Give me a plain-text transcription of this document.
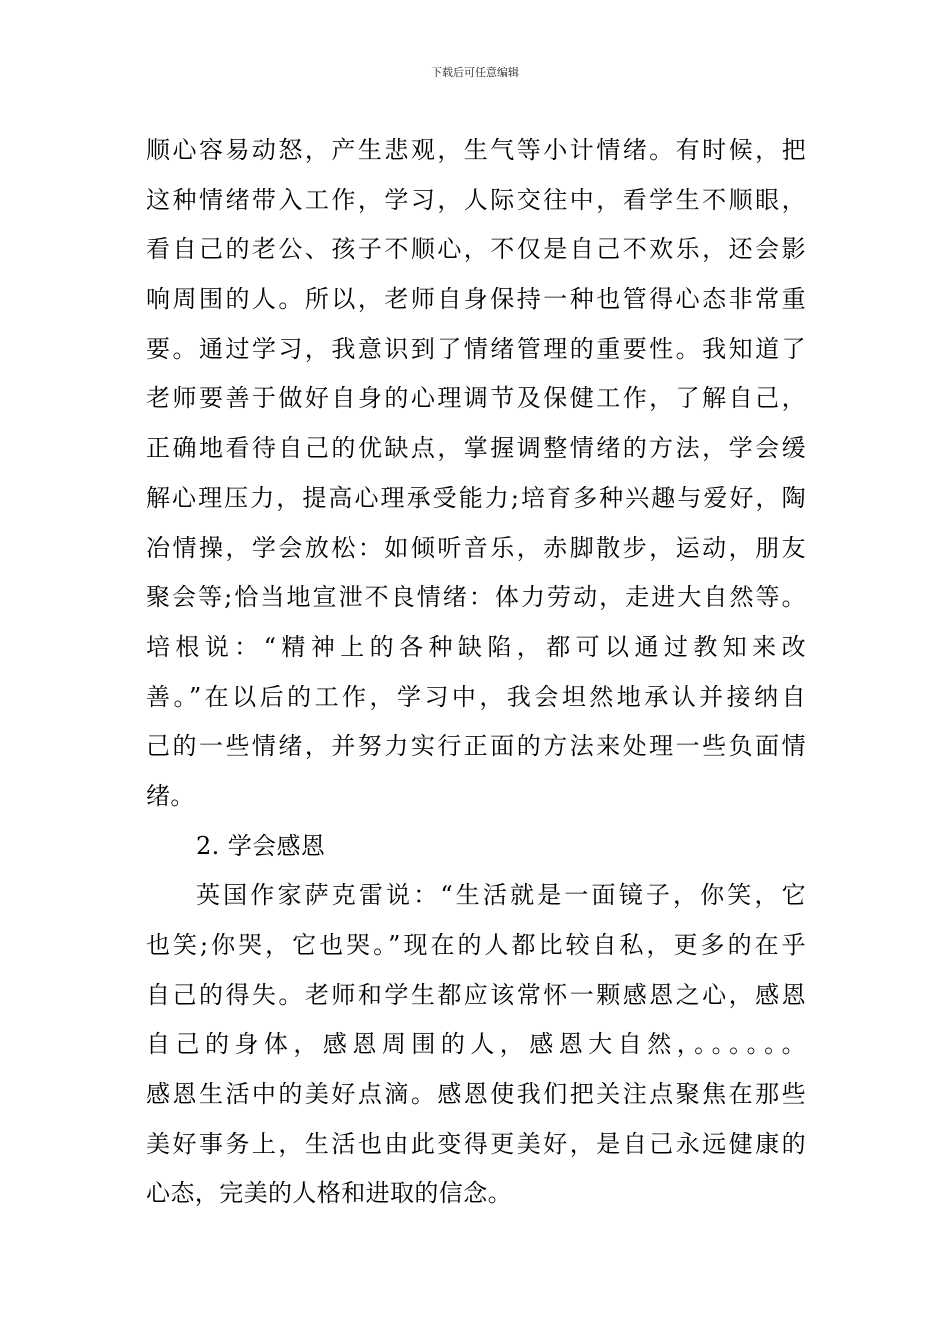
下载后可任意编辑
顺心容易动怒，产生悲观，生气等小计情绪。有时候，把
这种情绪带入工作，学习，人际交往中，看学生不顺眼，
看自己的老公、孩子不顺心，不仅是自己不欢乐，还会影
响周围的人。所以，老师自身保持一种也管得心态非常重
要。通过学习，我意识到了情绪管理的重要性。我知道了
老师要善于做好自身的心理调节及保健工作，了解自己，
正确地看待自己的优缺点，掌握调整情绪的方法，学会缓
解心理压力，提高心理承受能力;培育多种兴趣与爱好，陶
冶情操，学会放松：如倾听音乐，赤脚散步，运动，朋友
聚会等;恰当地宣泄不良情绪：体力劳动，走进大自然等。
培根说：“精神上的各种缺陷，都可以通过教知来改
善。”在以后的工作，学习中，我会坦然地承认并接纳自
己的一些情绪，并努力实行正面的方法来处理一些负面情
绪。
2. 学会感恩
英国作家萨克雷说：“生活就是一面镜子，你笑，它
也笑;你哭，它也哭。”现在的人都比较自私，更多的在乎
自己的得失。老师和学生都应该常怀一颗感恩之心，感恩
自己的身体，感恩周围的人，感恩大自然，。。。。。。
感恩生活中的美好点滴。感恩使我们把关注点聚焦在那些
美好事务上，生活也由此变得更美好，是自己永远健康的
心态，完美的人格和进取的信念。
